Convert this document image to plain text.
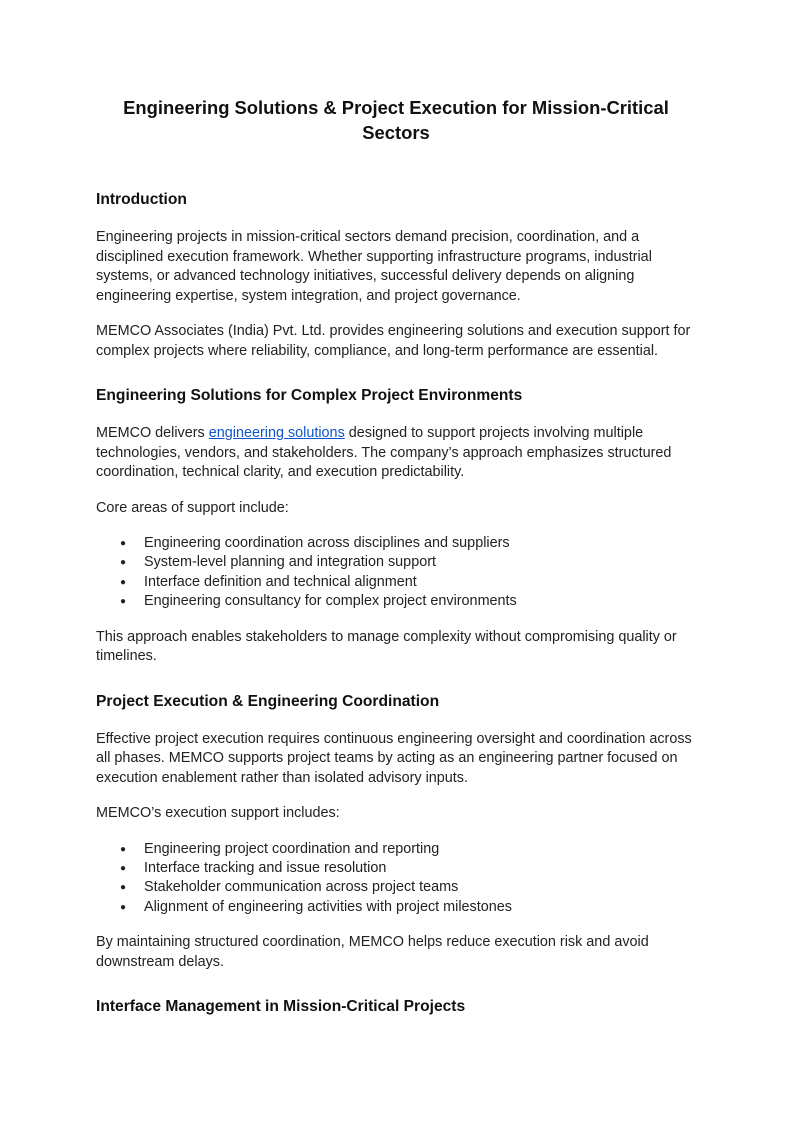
Engineering Solutions & Project Execution for Mission-Critical Sectors
Introduction

Engineering projects in mission-critical sectors demand precision, coordination, and a disciplined execution framework. Whether supporting infrastructure programs, industrial systems, or advanced technology initiatives, successful delivery depends on aligning engineering expertise, system integration, and project governance.

MEMCO Associates (India) Pvt. Ltd. provides engineering solutions and execution support for complex projects where reliability, compliance, and long-term performance are essential.

Engineering Solutions for Complex Project Environments

MEMCO delivers engineering solutions designed to support projects involving multiple technologies, vendors, and stakeholders. The company’s approach emphasizes structured coordination, technical clarity, and execution predictability.

Core areas of support include:

● Engineering coordination across disciplines and suppliers
● System-level planning and integration support
● Interface definition and technical alignment
● Engineering consultancy for complex project environments

This approach enables stakeholders to manage complexity without compromising quality or timelines.

Project Execution & Engineering Coordination

Effective project execution requires continuous engineering oversight and coordination across all phases. MEMCO supports project teams by acting as an engineering partner focused on execution enablement rather than isolated advisory inputs.

MEMCO’s execution support includes:

● Engineering project coordination and reporting
● Interface tracking and issue resolution
● Stakeholder communication across project teams
● Alignment of engineering activities with project milestones

By maintaining structured coordination, MEMCO helps reduce execution risk and avoid downstream delays.

Interface Management in Mission-Critical Projects
